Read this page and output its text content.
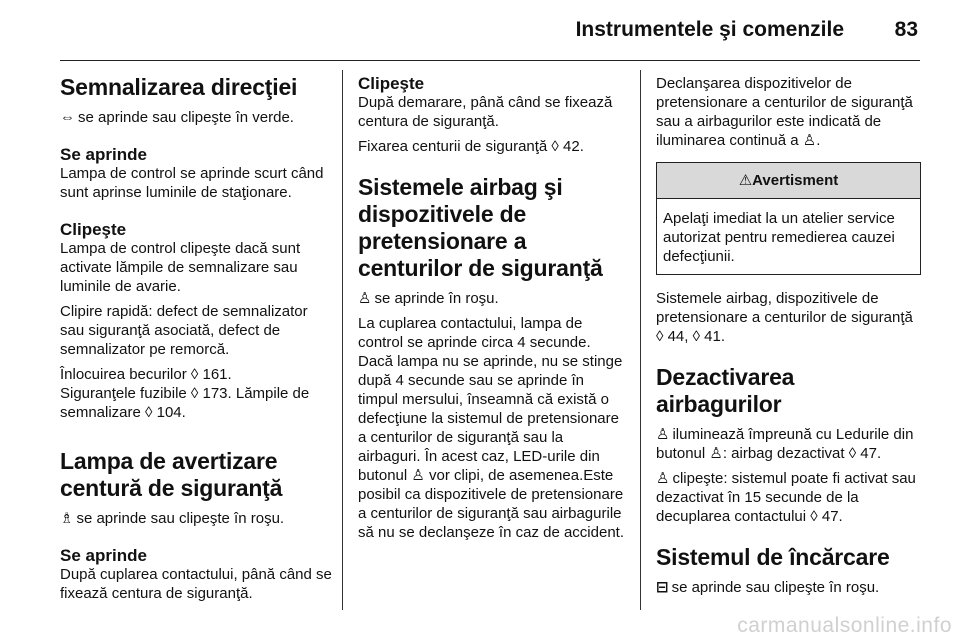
Instrumentele şi comenzile 83
Semnalizarea direcţiei

⇔ se aprinde sau clipeşte în verde.

Se aprinde

Lampa de control se aprinde scurt când sunt aprinse luminile de staţionare.

Clipeşte

Lampa de control clipeşte dacă sunt activate lămpile de semnalizare sau luminile de avarie.

Clipire rapidă: defect de semnalizator sau siguranţă asociată, defect de semnalizator pe remorcă.

Înlocuirea becurilor ◊ 161.
Siguranţele fuzibile ◊ 173. Lămpile de semnalizare ◊ 104.
Lampa de avertizare centură de siguranţă

♗ se aprinde sau clipeşte în roşu.

Se aprinde

După cuplarea contactului, până când se fixează centura de siguranţă.

Clipeşte

După demarare, până când se fixează centura de siguranţă.

Fixarea centurii de siguranţă ◊ 42.

Sistemele airbag şi dispozitivele de pretensionare a centurilor de siguranţă

♙ se aprinde în roşu.

La cuplarea contactului, lampa de control se aprinde circa 4 secunde. Dacă lampa nu se aprinde, nu se stinge după 4 secunde sau se aprinde în timpul mersului, înseamnă că există o defecţiune la sistemul de pretensionare a centurilor de siguranţă sau la airbaguri. În acest caz, LED-urile din butonul ♙ vor clipi, de asemenea.Este posibil ca dispozitivele de pretensionare a centurilor de siguranţă sau airbagurile să nu se declanşeze în caz de accident.

Declanşarea dispozitivelor de pretensionare a centurilor de siguranţă sau a airbagurilor este indicată de iluminarea continuă a ♙.

⚠Avertisment
Apelaţi imediat la un atelier service autorizat pentru remedierea cauzei defecţiunii.

Sistemele airbag, dispozitivele de pretensionare a centurilor de siguranţă ◊ 44, ◊ 41.

Dezactivarea airbagurilor

♙ iluminează împreună cu Ledurile din butonul ♙: airbag dezactivat ◊ 47.

♙ clipeşte: sistemul poate fi activat sau dezactivat în 15 secunde de la decuplarea contactului ◊ 47.

Sistemul de încărcare

⊟ se aprinde sau clipeşte în roşu.

carmanualsonline.info
